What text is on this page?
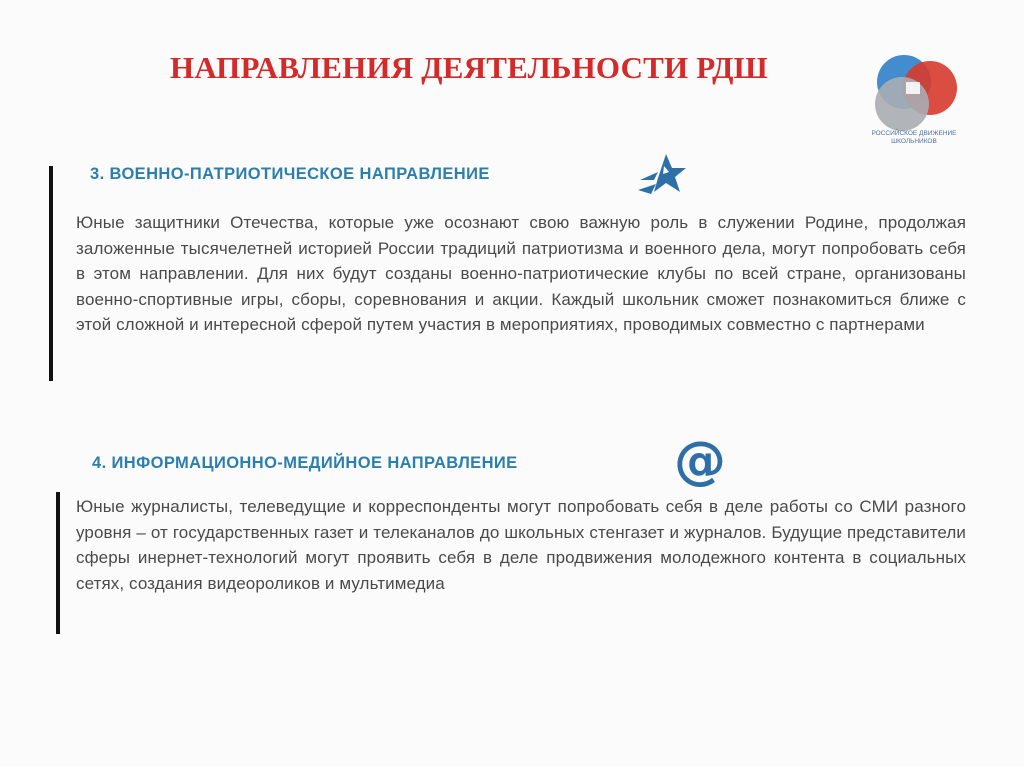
НАПРАВЛЕНИЯ ДЕЯТЕЛЬНОСТИ РДШ
РОССИЙСКОЕ ДВИЖЕНИЕ ШКОЛЬНИКОВ
3. ВОЕННО-ПАТРИОТИЧЕСКОЕ НАПРАВЛЕНИЕ
Юные защитники Отечества, которые уже осознают свою важную роль в служении Родине, продолжая заложенные тысячелетней историей России традиций патриотизма и военного дела, могут попробовать себя в этом направлении. Для них будут созданы военно-патриотические клубы по всей стране, организованы военно-спортивные игры, сборы, соревнования и акции. Каждый школьник сможет познакомиться ближе с этой сложной и интересной сферой путем участия в мероприятиях, проводимых совместно с партнерами
4. ИНФОРМАЦИОННО-МЕДИЙНОЕ НАПРАВЛЕНИЕ	@
Юные журналисты, телеведущие и корреспонденты могут попробовать себя в деле работы со СМИ разного уровня – от государственных газет и телеканалов до школьных стенгазет и журналов. Будущие представители сферы инернет-технологий могут проявить себя в деле продвижения молодежного контента в социальных сетях, создания видеороликов и мультимедиа
